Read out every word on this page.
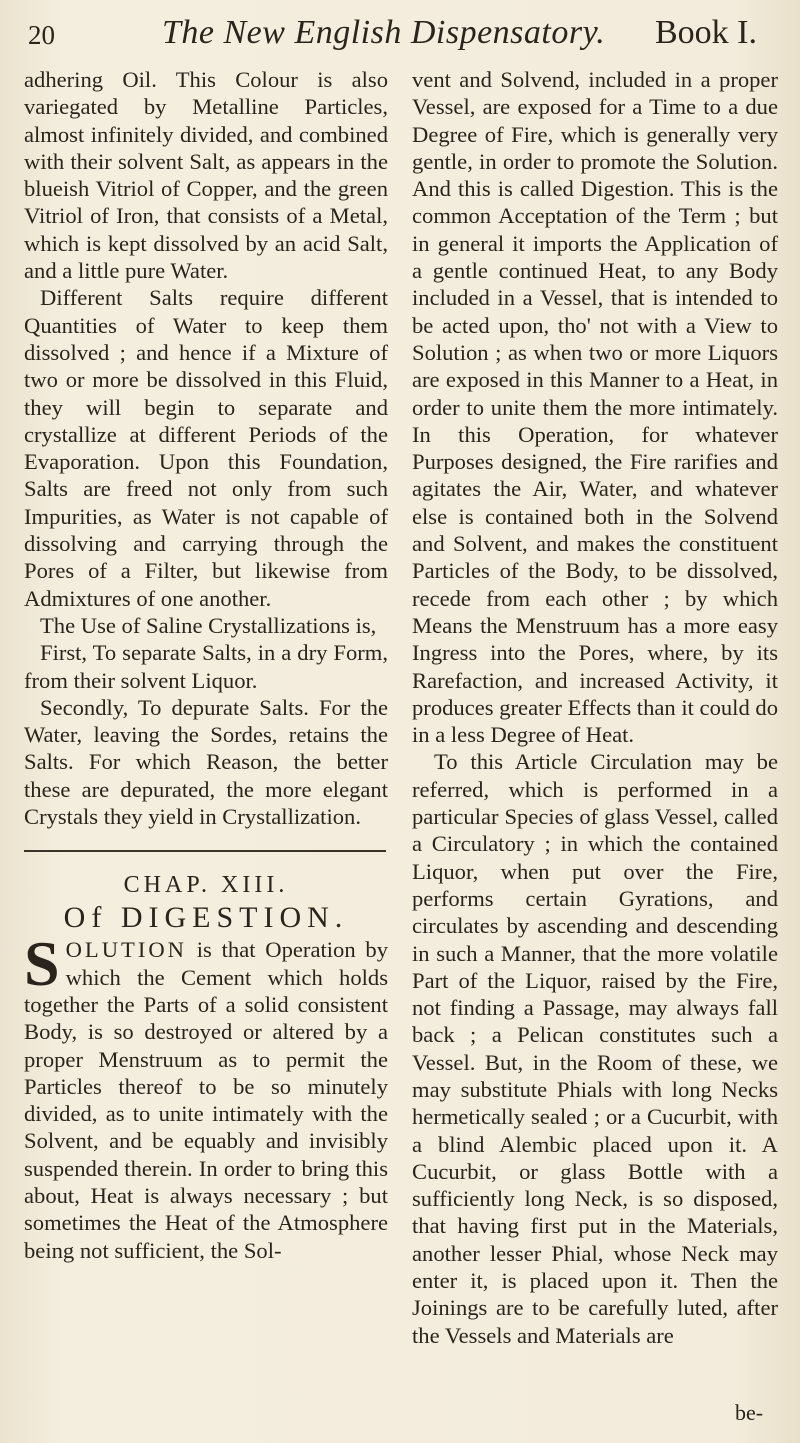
20	The New English Dispensatory. Book I.

adhering Oil. This Colour is also variegated by Metalline Particles, almost infinitely divided, and combined with their solvent Salt, as appears in the blueish Vitriol of Copper, and the green Vitriol of Iron, that consists of a Metal, which is kept dissolved by an acid Salt, and a little pure Water.

Different Salts require different Quantities of Water to keep them dissolved ; and hence if a Mixture of two or more be dissolved in this Fluid, they will begin to separate and crystallize at different Periods of the Evaporation. Upon this Foundation, Salts are freed not only from such Impurities, as Water is not capable of dissolving and carrying through the Pores of a Filter, but likewise from Admixtures of one another.

The Use of Saline Crystallizations is,

First, To separate Salts, in a dry Form, from their solvent Liquor.

Secondly, To depurate Salts. For the Water, leaving the Sordes, retains the Salts. For which Reason, the better these are depurated, the more elegant Crystals they yield in Crystallization.

CHAP. XIII.

Of DIGESTION.

SOLUTION is that Operation by which the Cement which holds together the Parts of a solid consistent Body, is so destroyed or altered by a proper Menstruum as to permit the Particles thereof to be so minutely divided, as to unite intimately with the Solvent, and be equably and invisibly suspended therein. In order to bring this about, Heat is always necessary ; but sometimes the Heat of the Atmosphere being not sufficient, the Sol-

vent and Solvend, included in a proper Vessel, are exposed for a Time to a due Degree of Fire, which is generally very gentle, in order to promote the Solution. And this is called Digestion. This is the common Acceptation of the Term ; but in general it imports the Application of a gentle continued Heat, to any Body included in a Vessel, that is intended to be acted upon, tho' not with a View to Solution ; as when two or more Liquors are exposed in this Manner to a Heat, in order to unite them the more intimately. In this Operation, for whatever Purposes designed, the Fire rarifies and agitates the Air, Water, and whatever else is contained both in the Solvend and Solvent, and makes the constituent Particles of the Body, to be dissolved, recede from each other ; by which Means the Menstruum has a more easy Ingress into the Pores, where, by its Rarefaction, and increased Activity, it produces greater Effects than it could do in a less Degree of Heat.

To this Article Circulation may be referred, which is performed in a particular Species of glass Vessel, called a Circulatory ; in which the contained Liquor, when put over the Fire, performs certain Gyrations, and circulates by ascending and descending in such a Manner, that the more volatile Part of the Liquor, raised by the Fire, not finding a Passage, may always fall back ; a Pelican constitutes such a Vessel. But, in the Room of these, we may substitute Phials with long Necks hermetically sealed ; or a Cucurbit, with a blind Alembic placed upon it. A Cucurbit, or glass Bottle with a sufficiently long Neck, is so disposed, that having first put in the Materials, another lesser Phial, whose Neck may enter it, is placed upon it. Then the Joinings are to be carefully luted, after the Vessels and Materials are

be-
